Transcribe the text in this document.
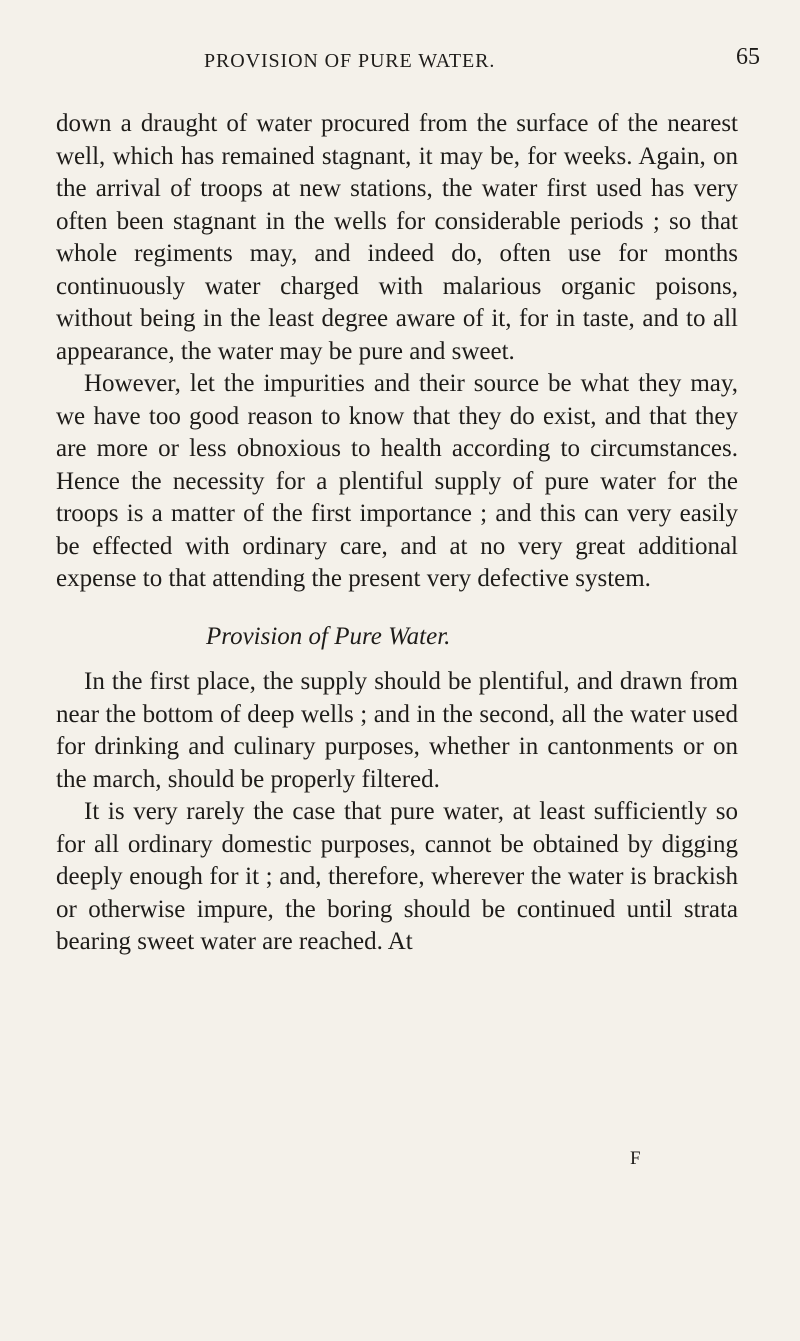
PROVISION OF PURE WATER.	65

down a draught of water procured from the surface of the nearest well, which has remained stagnant, it may be, for weeks. Again, on the arrival of troops at new stations, the water first used has very often been stagnant in the wells for considerable periods ; so that whole regiments may, and indeed do, often use for months continuously water charged with malarious organic poisons, without being in the least degree aware of it, for in taste, and to all appearance, the water may be pure and sweet.

However, let the impurities and their source be what they may, we have too good reason to know that they do exist, and that they are more or less obnoxious to health according to circumstances. Hence the necessity for a plentiful supply of pure water for the troops is a matter of the first importance ; and this can very easily be effected with ordinary care, and at no very great additional expense to that attending the present very defective system.

Provision of Pure Water.

In the first place, the supply should be plentiful, and drawn from near the bottom of deep wells ; and in the second, all the water used for drinking and culinary purposes, whether in cantonments or on the march, should be properly filtered.

It is very rarely the case that pure water, at least sufficiently so for all ordinary domestic purposes, cannot be obtained by digging deeply enough for it ; and, therefore, wherever the water is brackish or otherwise impure, the boring should be continued until strata bearing sweet water are reached. At

F
